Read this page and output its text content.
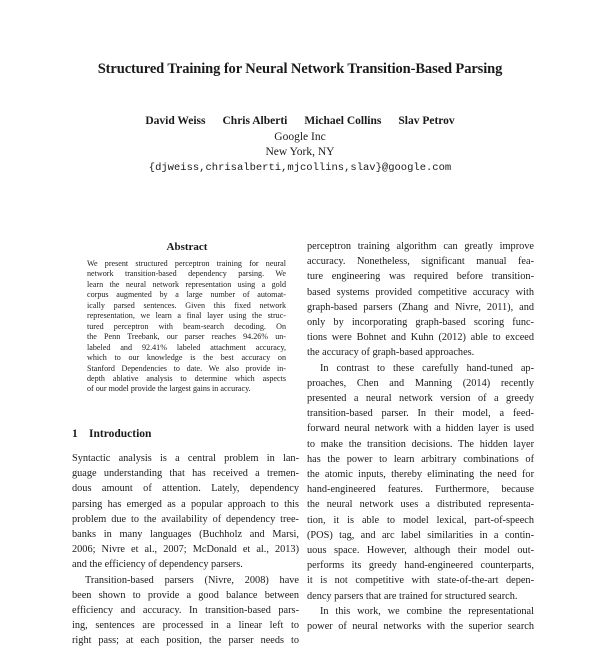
Structured Training for Neural Network Transition-Based Parsing
David Weiss Chris Alberti Michael Collins Slav Petrov
Google Inc
New York, NY
{djweiss,chrisalberti,mjcollins,slav}@google.com
Abstract
We present structured perceptron training for neural
network transition-based dependency parsing. We
learn the neural network representation using a gold
corpus augmented by a large number of automat-
ically parsed sentences. Given this fixed network
representation, we learn a final layer using the struc-
tured perceptron with beam-search decoding. On
the Penn Treebank, our parser reaches 94.26% un-
labeled and 92.41% labeled attachment accuracy,
which to our knowledge is the best accuracy on
Stanford Dependencies to date. We also provide in-
depth ablative analysis to determine which aspects
of our model provide the largest gains in accuracy.
1 Introduction
Syntactic analysis is a central problem in lan-
guage understanding that has received a tremen-
dous amount of attention. Lately, dependency
parsing has emerged as a popular approach to this
problem due to the availability of dependency tree-
banks in many languages (Buchholz and Marsi,
2006; Nivre et al., 2007; McDonald et al., 2013)
and the efficiency of dependency parsers.
Transition-based parsers (Nivre, 2008) have
been shown to provide a good balance between
efficiency and accuracy. In transition-based pars-
ing, sentences are processed in a linear left to
right pass; at each position, the parser needs to
perceptron training algorithm can greatly improve
accuracy. Nonetheless, significant manual fea-
ture engineering was required before transition-
based systems provided competitive accuracy with
graph-based parsers (Zhang and Nivre, 2011), and
only by incorporating graph-based scoring func-
tions were Bohnet and Kuhn (2012) able to exceed
the accuracy of graph-based approaches.
In contrast to these carefully hand-tuned ap-
proaches, Chen and Manning (2014) recently
presented a neural network version of a greedy
transition-based parser. In their model, a feed-
forward neural network with a hidden layer is used
to make the transition decisions. The hidden layer
has the power to learn arbitrary combinations of
the atomic inputs, thereby eliminating the need for
hand-engineered features. Furthermore, because
the neural network uses a distributed representa-
tion, it is able to model lexical, part-of-speech
(POS) tag, and arc label similarities in a contin-
uous space. However, although their model out-
performs its greedy hand-engineered counterparts,
it is not competitive with state-of-the-art depen-
dency parsers that are trained for structured search.
In this work, we combine the representational
power of neural networks with the superior search
